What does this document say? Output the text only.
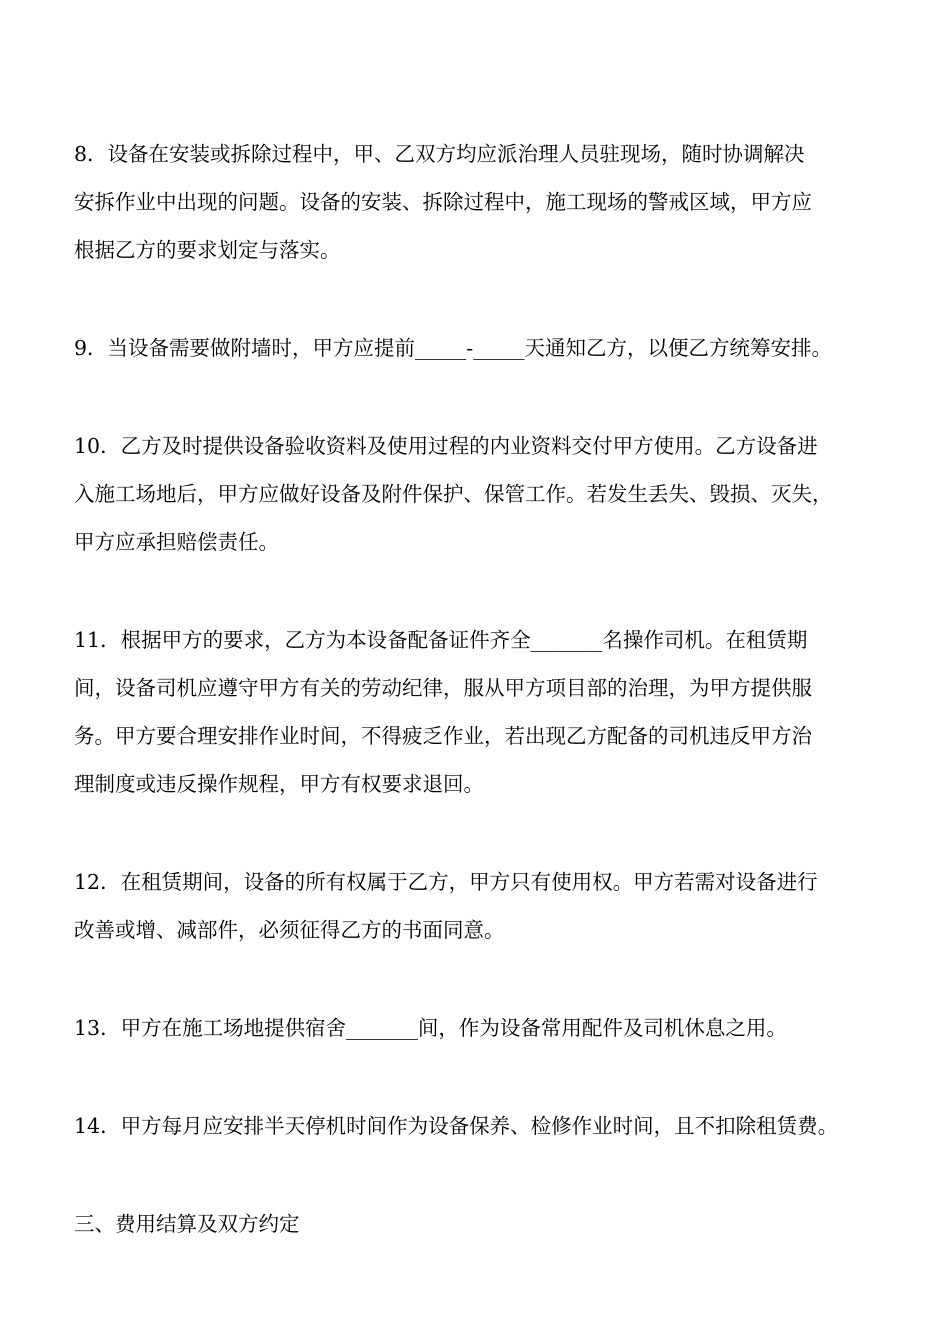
8．设备在安装或拆除过程中，甲、乙双方均应派治理人员驻现场，随时协调解决
安拆作业中出现的问题。设备的安装、拆除过程中，施工现场的警戒区域，甲方应
根据乙方的要求划定与落实。
9．当设备需要做附墙时，甲方应提前_____-_____天通知乙方，以便乙方统筹安排。
10．乙方及时提供设备验收资料及使用过程的内业资料交付甲方使用。乙方设备进
入施工场地后，甲方应做好设备及附件保护、保管工作。若发生丢失、毁损、灭失，
甲方应承担赔偿责任。
11．根据甲方的要求，乙方为本设备配备证件齐全_______名操作司机。在租赁期
间，设备司机应遵守甲方有关的劳动纪律，服从甲方项目部的治理，为甲方提供服
务。甲方要合理安排作业时间，不得疲乏作业，若出现乙方配备的司机违反甲方治
理制度或违反操作规程，甲方有权要求退回。
12．在租赁期间，设备的所有权属于乙方，甲方只有使用权。甲方若需对设备进行
改善或增、减部件，必须征得乙方的书面同意。
13．甲方在施工场地提供宿舍_______间，作为设备常用配件及司机休息之用。
14．甲方每月应安排半天停机时间作为设备保养、检修作业时间，且不扣除租赁费。
三、费用结算及双方约定
